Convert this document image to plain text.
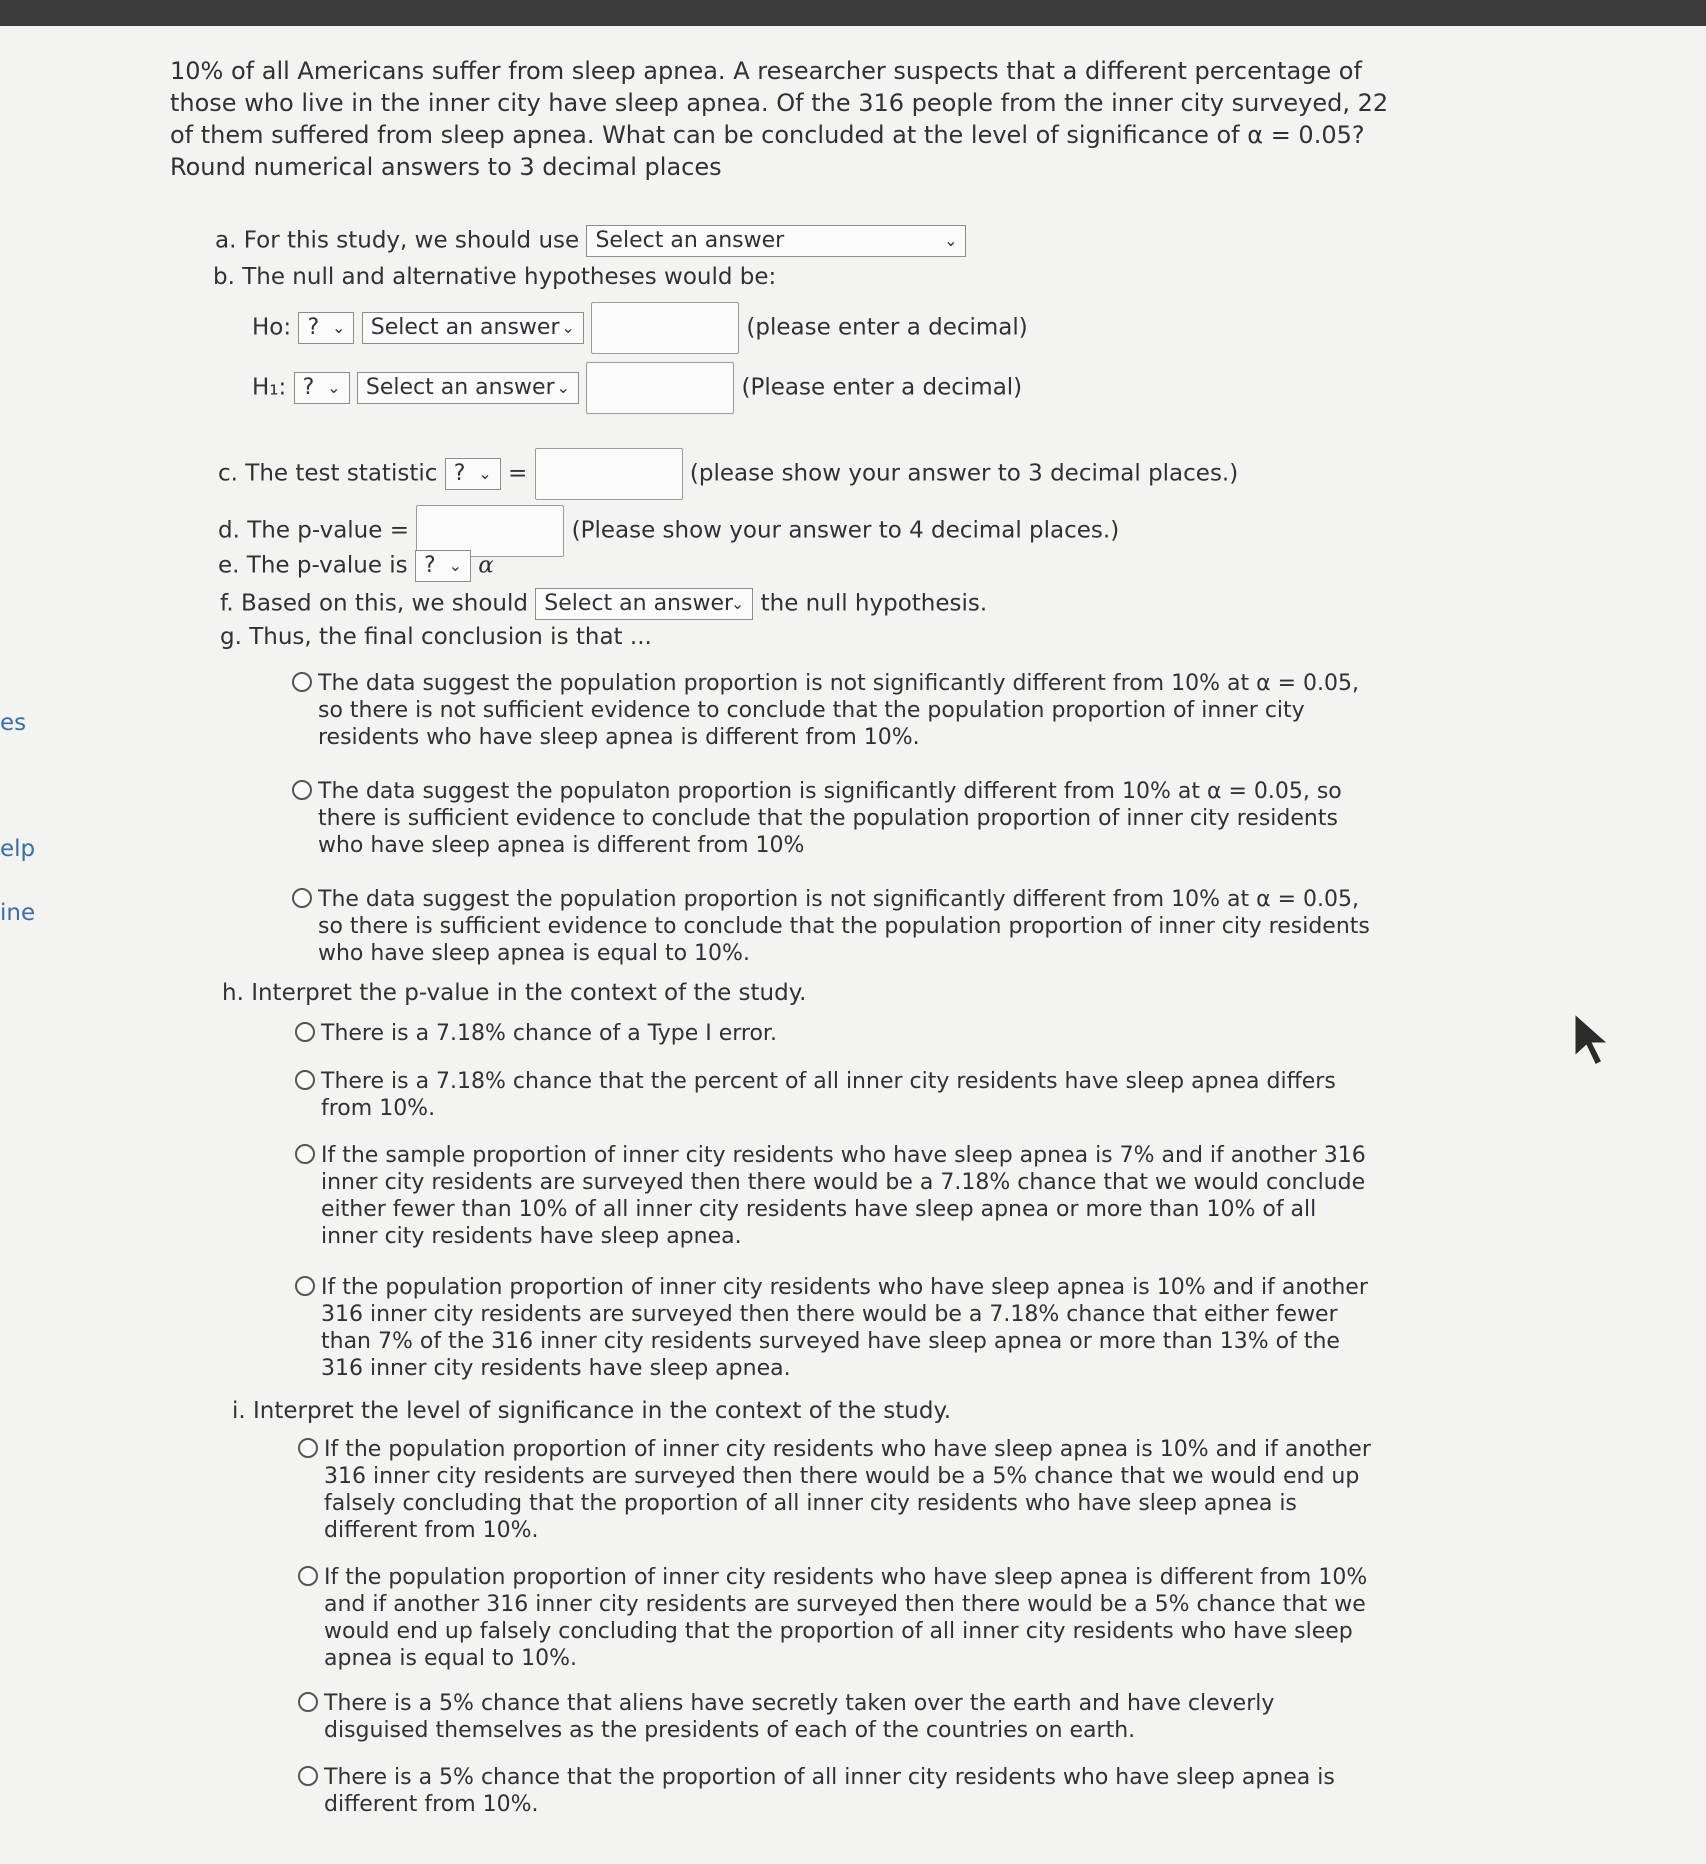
es
elp
ine

10% of all Americans suffer from sleep apnea. A researcher suspects that a different percentage of those who live in the inner city have sleep apnea. Of the 316 people from the inner city surveyed, 22 of them suffered from sleep apnea. What can be concluded at the level of significance of α = 0.05? Round numerical answers to 3 decimal places

a. For this study, we should use Select an answer	⌄
b. The null and alternative hypotheses would be:
Ho: ? ⌄ Select an answer ⌄	(please enter a decimal)
H₁: ? ⌄ Select an answer ⌄	(Please enter a decimal)
c. The test statistic ? ⌄ =	(please show your answer to 3 decimal places.)
d. The p-value =	(Please show your answer to 4 decimal places.)
e. The p-value is ? ⌄ α
f. Based on this, we should Select an answer
⌄ the null hypothesis.
g. Thus, the final conclusion is that ...
The data suggest the population proportion is not significantly different from 10% at α = 0.05, so there is not sufficient evidence to conclude that the population proportion of inner city residents who have sleep apnea is different from 10%.
The data suggest the populaton proportion is significantly different from 10% at α = 0.05, so there is sufficient evidence to conclude that the population proportion of inner city residents who have sleep apnea is different from 10%
The data suggest the population proportion is not significantly different from 10% at α = 0.05, so there is sufficient evidence to conclude that the population proportion of inner city residents who have sleep apnea is equal to 10%.
h. Interpret the p-value in the context of the study.
There is a 7.18% chance of a Type I error.
There is a 7.18% chance that the percent of all inner city residents have sleep apnea differs from 10%.
If the sample proportion of inner city residents who have sleep apnea is 7% and if another 316 inner city residents are surveyed then there would be a 7.18% chance that we would conclude either fewer than 10% of all inner city residents have sleep apnea or more than 10% of all inner city residents have sleep apnea.
If the population proportion of inner city residents who have sleep apnea is 10% and if another 316 inner city residents are surveyed then there would be a 7.18% chance that either fewer than 7% of the 316 inner city residents surveyed have sleep apnea or more than 13% of the 316 inner city residents have sleep apnea.
i. Interpret the level of significance in the context of the study.
If the population proportion of inner city residents who have sleep apnea is 10% and if another 316 inner city residents are surveyed then there would be a 5% chance that we would end up falsely concluding that the proportion of all inner city residents who have sleep apnea is different from 10%.
If the population proportion of inner city residents who have sleep apnea is different from 10% and if another 316 inner city residents are surveyed then there would be a 5% chance that we would end up falsely concluding that the proportion of all inner city residents who have sleep apnea is equal to 10%.
There is a 5% chance that aliens have secretly taken over the earth and have cleverly disguised themselves as the presidents of each of the countries on earth.
There is a 5% chance that the proportion of all inner city residents who have sleep apnea is different from 10%.
